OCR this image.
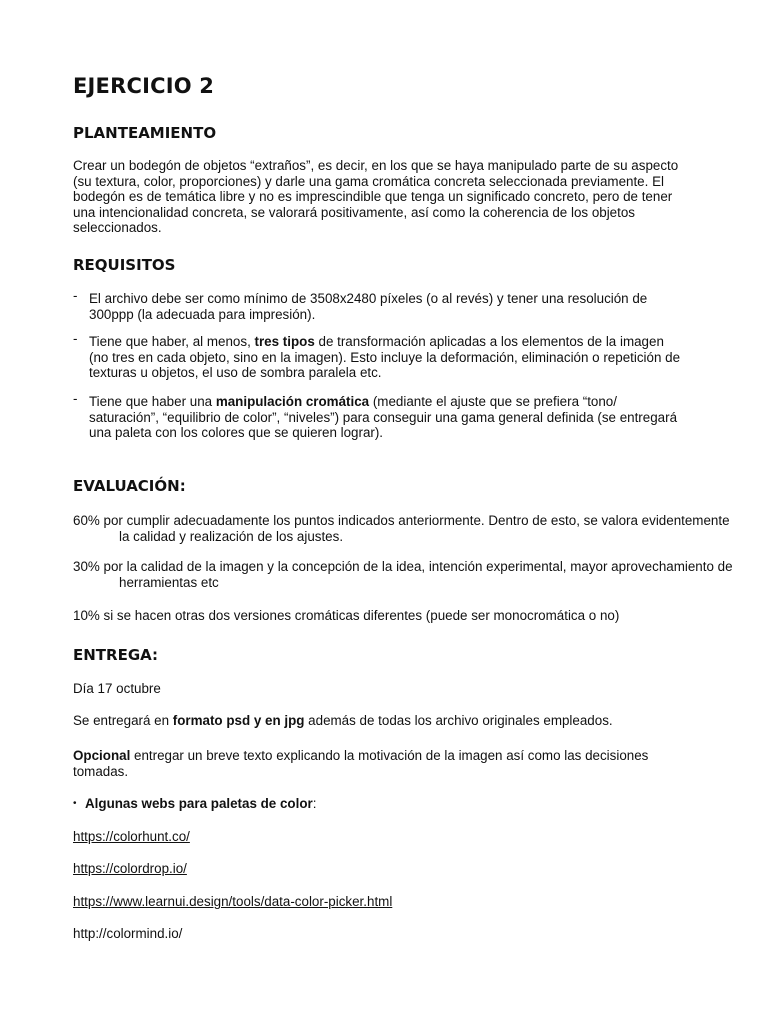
EJERCICIO 2
PLANTEAMIENTO

Crear un bodegón de objetos “extraños”, es decir, en los que se haya manipulado parte de su aspecto (su textura, color, proporciones) y darle una gama cromática concreta seleccionada previamente. El bodegón es de temática libre y no es imprescindible que tenga un significado concreto, pero de tener una intencionalidad concreta, se valorará positivamente, así como la coherencia de los objetos seleccionados.

REQUISITOS
- El archivo debe ser como mínimo de 3508x2480 píxeles (o al revés) y tener una resolución de 300ppp (la adecuada para impresión).
- Tiene que haber, al menos, tres tipos de transformación aplicadas a los elementos de la imagen (no tres en cada objeto, sino en la imagen). Esto incluye la deformación, eliminación o repetición de texturas u objetos, el uso de sombra paralela etc.
- Tiene que haber una manipulación cromática (mediante el ajuste que se prefiera “tono/ saturación”, “equilibrio de color”, “niveles”) para conseguir una gama general definida (se entregará una paleta con los colores que se quieren lograr).
EVALUACIÓN:

60% por cumplir adecuadamente los puntos indicados anteriormente. Dentro de esto, se valora evidentemente la calidad y realización de los ajustes.

30% por la calidad de la imagen y la concepción de la idea, intención experimental, mayor aprovechamiento de herramientas etc

10% si se hacen otras dos versiones cromáticas diferentes (puede ser monocromática o no)

ENTREGA:

Día 17 octubre

Se entregará en formato psd y en jpg además de todas los archivo originales empleados.

Opcional entregar un breve texto explicando la motivación de la imagen así como las decisiones tomadas.

• Algunas webs para paletas de color:

https://colorhunt.co/

https://colordrop.io/

https://www.learnui.design/tools/data-color-picker.html

http://colormind.io/
